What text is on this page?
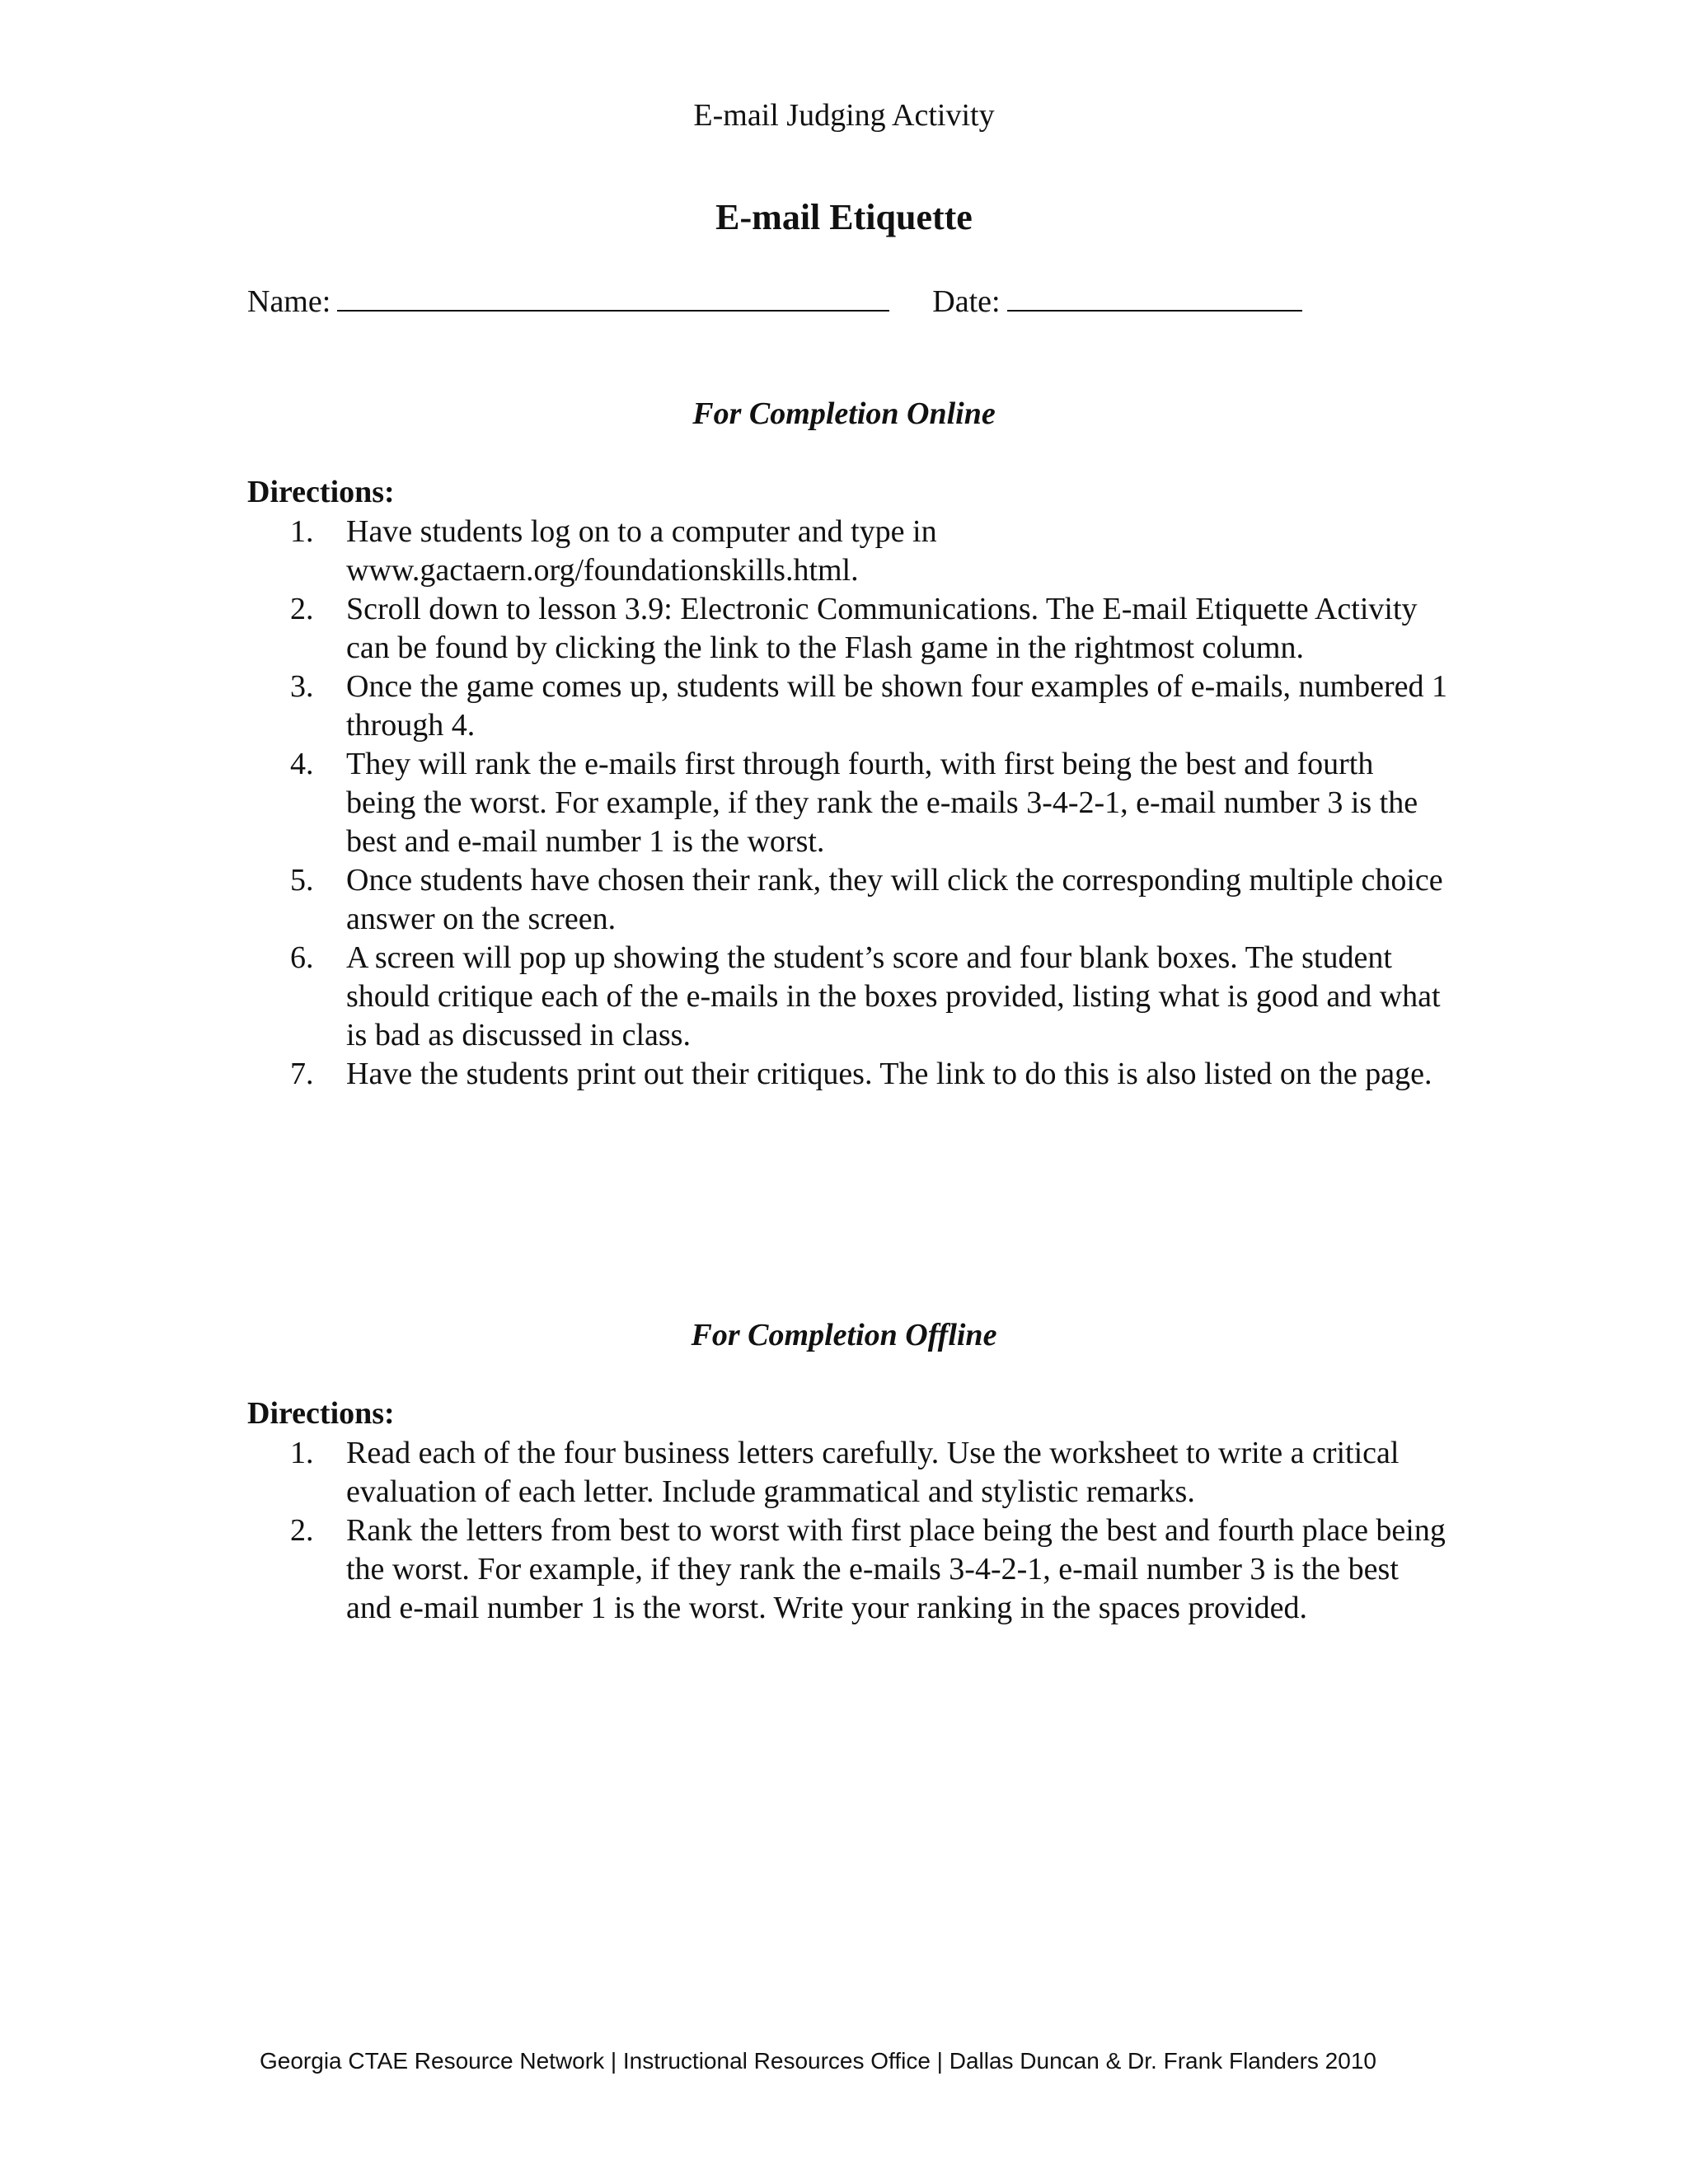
E-mail Judging Activity
E-mail Etiquette
Name:	Date:
For Completion Online
Directions:
1.	Have students log on to a computer and type in www.gactaern.org/foundationskills.html.
2.	Scroll down to lesson 3.9: Electronic Communications. The E-mail Etiquette Activity can be found by clicking the link to the Flash game in the rightmost column.
3.	Once the game comes up, students will be shown four examples of e-mails, numbered 1 through 4.
4.	They will rank the e-mails first through fourth, with first being the best and fourth being the worst. For example, if they rank the e-mails 3-4-2-1, e-mail number 3 is the best and e-mail number 1 is the worst.
5.	Once students have chosen their rank, they will click the corresponding multiple choice answer on the screen.
6.	A screen will pop up showing the student’s score and four blank boxes. The student should critique each of the e-mails in the boxes provided, listing what is good and what is bad as discussed in class.
7.	Have the students print out their critiques. The link to do this is also listed on the page.
For Completion Offline
Directions:
1.	Read each of the four business letters carefully. Use the worksheet to write a critical evaluation of each letter. Include grammatical and stylistic remarks.
2.	Rank the letters from best to worst with first place being the best and fourth place being the worst. For example, if they rank the e-mails 3-4-2-1, e-mail number 3 is the best and e-mail number 1 is the worst. Write your ranking in the spaces provided.
Georgia CTAE Resource Network | Instructional Resources Office | Dallas Duncan & Dr. Frank Flanders 2010
